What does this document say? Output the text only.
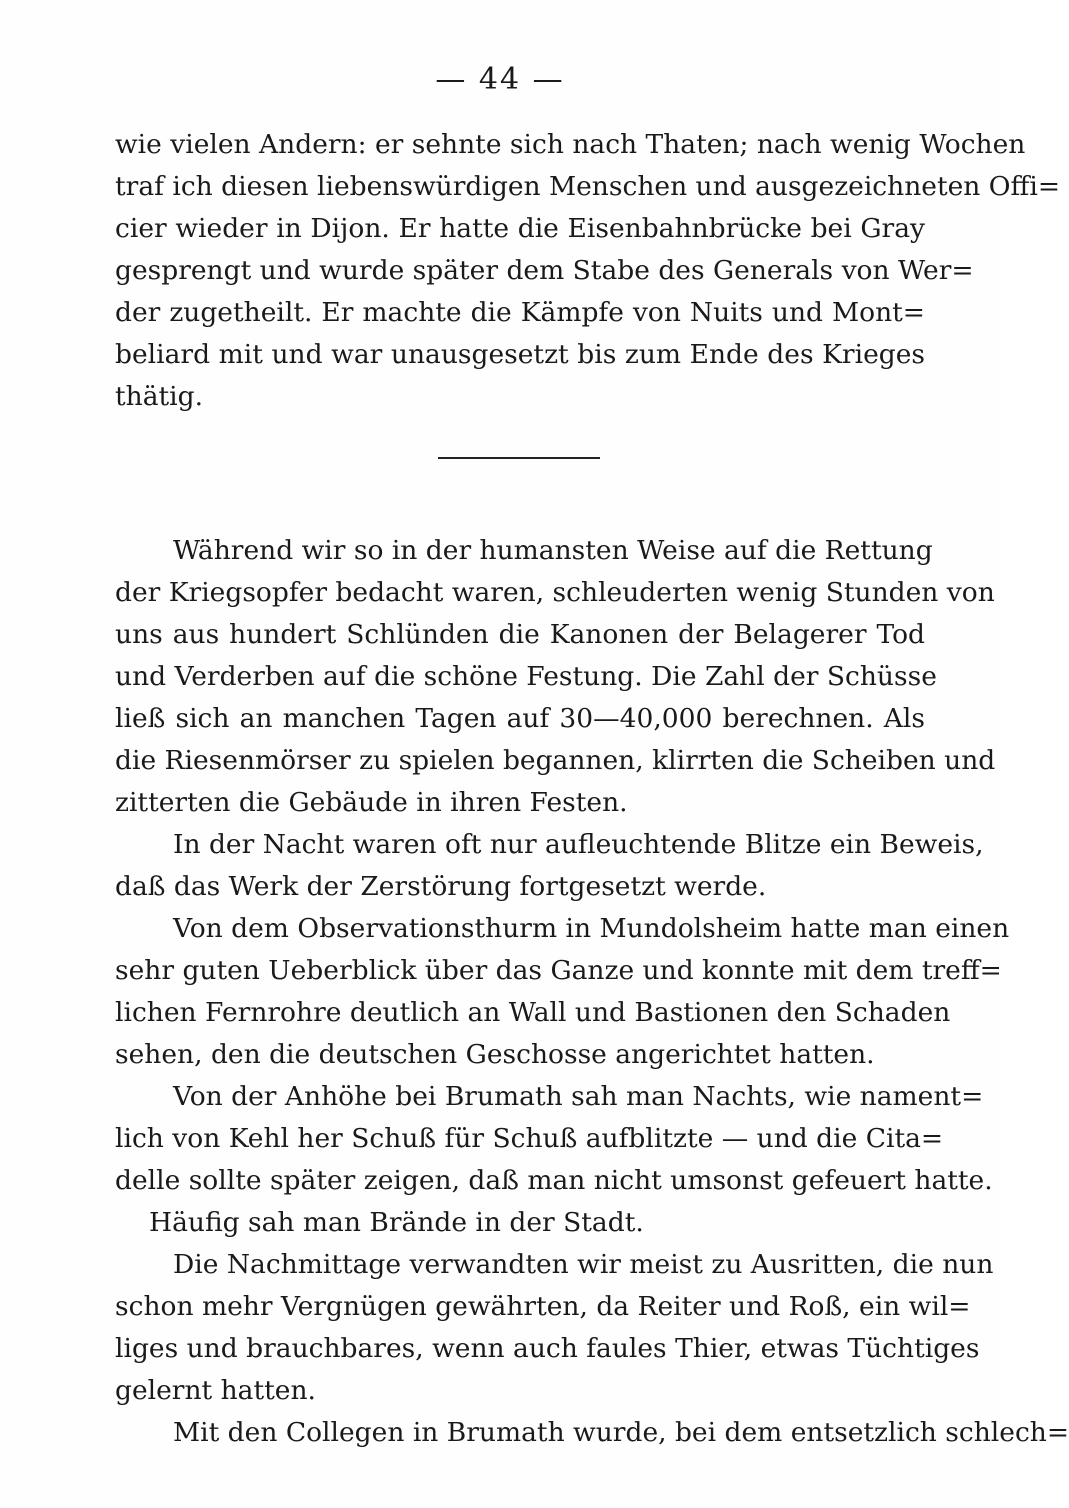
— 44 —
wie vielen Andern: er sehnte sich nach Thaten; nach wenig Wochen
traf ich diesen liebenswürdigen Menschen und ausgezeichneten Offi=
cier wieder in Dijon. Er hatte die Eisenbahnbrücke bei Gray
gesprengt und wurde später dem Stabe des Generals von Wer=
der zugetheilt. Er machte die Kämpfe von Nuits und Mont=
beliard mit und war unausgesetzt bis zum Ende des Krieges
thätig.
Während wir so in der humansten Weise auf die Rettung
der Kriegsopfer bedacht waren, schleuderten wenig Stunden von
uns aus hundert Schlünden die Kanonen der Belagerer Tod
und Verderben auf die schöne Festung. Die Zahl der Schüsse
ließ sich an manchen Tagen auf 30—40,000 berechnen. Als
die Riesenmörser zu spielen begannen, klirrten die Scheiben und
zitterten die Gebäude in ihren Festen.
In der Nacht waren oft nur aufleuchtende Blitze ein Beweis,
daß das Werk der Zerstörung fortgesetzt werde.
Von dem Observationsthurm in Mundolsheim hatte man einen
sehr guten Ueberblick über das Ganze und konnte mit dem treff=
lichen Fernrohre deutlich an Wall und Bastionen den Schaden
sehen, den die deutschen Geschosse angerichtet hatten.
Von der Anhöhe bei Brumath sah man Nachts, wie nament=
lich von Kehl her Schuß für Schuß aufblitzte — und die Cita=
delle sollte später zeigen, daß man nicht umsonst gefeuert hatte.
Häufig sah man Brände in der Stadt.
Die Nachmittage verwandten wir meist zu Ausritten, die nun
schon mehr Vergnügen gewährten, da Reiter und Roß, ein wil=
liges und brauchbares, wenn auch faules Thier, etwas Tüchtiges
gelernt hatten.
Mit den Collegen in Brumath wurde, bei dem entsetzlich schlech=
